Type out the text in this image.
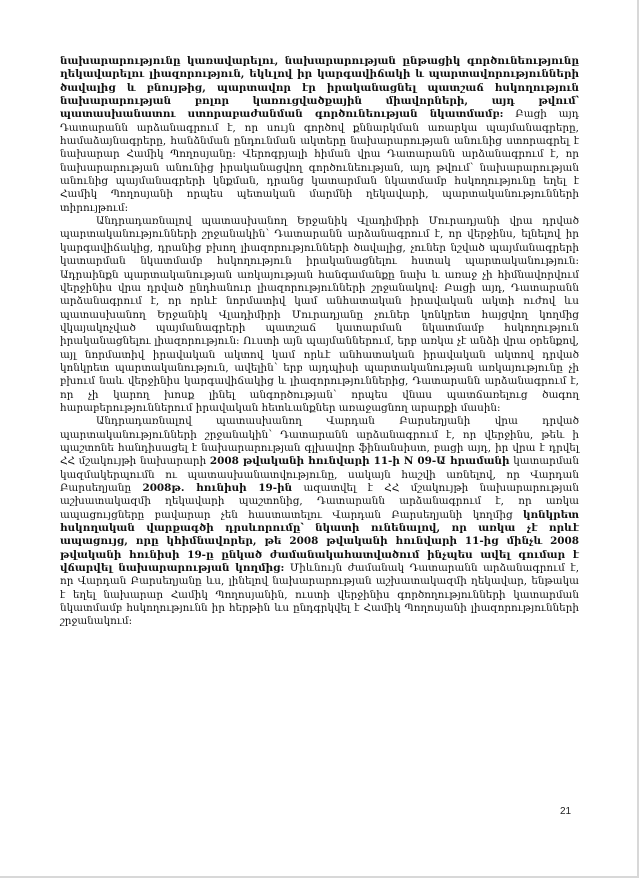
նախարարությունը կառավարելու, նախարարության ընթացիկ գործունեությունը ղեկավարելու լիազորություն, եկևլով իր կարգավիճակի և պարտավորությունների ծավալից և բնույթից, պարտավոր էր իրականացնել պատշաճ հսկողություն նախարարության բոլոր կառուցվածքային միավորների, այդ թվում՝ պատասխանատու ստորաբաժանման գործունեության նկատմամբ: Բացի այդ Դատարանն արձանագրում է, որ սույն գործով քննարկման առարկա պայմանագրերը, համաձայնագրերը, հանձնման ընդունման ակտերը նախարարության անունից ստորագրել է նախարար Համիկ Պողոսյանը: Վերոգրյալի հիման վրա Դատարանն արձանագրում է, որ նախարարության անունից իրականացվող գործունեության, այդ թվում՝ նախարարության անունից պայմանագրերի կնքման, դրանց կատարման նկատմամբ հսկողությունը եղել է Համիկ Պողոսյանի որպես պետական մարմնի ղեկավարի, պարտականությունների տիրույթում:

Անդրադառնալով պատասխանող Երջանիկ Վլադիմիրի Մուրադյանի վրա դրված պարտականությունների շրջանակին՝ Դատարանն արձանագրում է, որ վերջինս, ելնելով իր կարգավիճակից, դրանից բխող լիազորությունների ծավալից, չուներ նշված պայմանագրերի կատարման նկատմամբ հսկողություն իրականացնելու հստակ պարտականություն: Ադրաինքն պարտականության առկայության հանգամանքը նախ և առաջ չի հիմնավորվում վերջինիս վրա դրված ընդհանուր լիազորությունների շրջանակով: Բացի այդ, Դատարանն արձանագրում է, որ որևէ նորմատիվ կամ անհատական իրավական ակտի ուժով ևս պատասխանող Երջանիկ Վլադիմիրի Մուրադյանը չուներ կոնկրետ հայցվող կողմից վկայակոչված պայմանագրերի պատշաճ կատարման նկատմամբ հսկողություն իրականացնելու լիազորություն: Ուստի այն պայմաններում, երբ առկա չէ անձի վրա օրենքով, այլ նորմատիվ իրավական ակտով կամ որևէ անհատական իրավական ակտով դրված կոնկրետ պարտականություն, ավելին՝ երբ այդպիսի պարտականության առկայությունը չի բխում նաև վերջինիս կարգավիճակից և լիազորություններից, Դատարանն արձանագրում է, որ չի կարող խոսք լինել անգործության՝ որպես վնաս պատճառելուց ծագող հարաբերություններում իրավական հետևանքներ առաջացնող արարքի մասին:

Անդրադառնալով պատասխանող Վարդան Բարսեղյանի վրա դրված պարտականությունների շրջանակին՝ Դատարանն արձանագրում է, որ վերջինս, թեև ի պաշտոնե հանդիսացել է նախարարության գլխավոր ֆինանսիստ, բացի այդ, իր վրա է դրվել ՀՀ մշակույթի նախարարի 2008 թվականի հունվարի 11-ի N 09-Ա հրամանի կատարման կազմակերպումն ու պատասխանատվությունը, սակայն հաշվի առնելով, որ Վարդան Բարսեղյանը 2008թ. հունիսի 19-ին ազատվել է ՀՀ մշակույթի նախարարության աշխատակազմի ղեկավարի պաշտոնից, Դատարանն արձանագրում է, որ առկա ապացույցները բավարար չեն հաստատելու Վարդան Բարսեղյանի կողմից կոնկրետ հսկողական վարքագծի դրսևորումը՝ նկատի ունենալով, որ առկա չէ որևէ ապացույց, որը կհիմնավորեր, թե 2008 թվականի հունվարի 11-ից մինչև 2008 թվականի հունիսի 19-ը ընկած ժամանակահատվածում ինչպես ավել գումար է վճարվել նախարարության կողմից: Միևնույն ժամանակ Դատարանն արձանագրում է, որ Վարդան Բարսեղյանը ևս, լինելով նախարարության աշխատակազմի ղեկավար, ենթակա է եղել նախարար Համիկ Պողոսյանին, ուստի վերջինիս գործողությունների կատարման նկատմամբ հսկողությունն իր հերթին ևս ընդգրկվել է Համիկ Պողոսյանի լիազորությունների շրջանակում:

21
